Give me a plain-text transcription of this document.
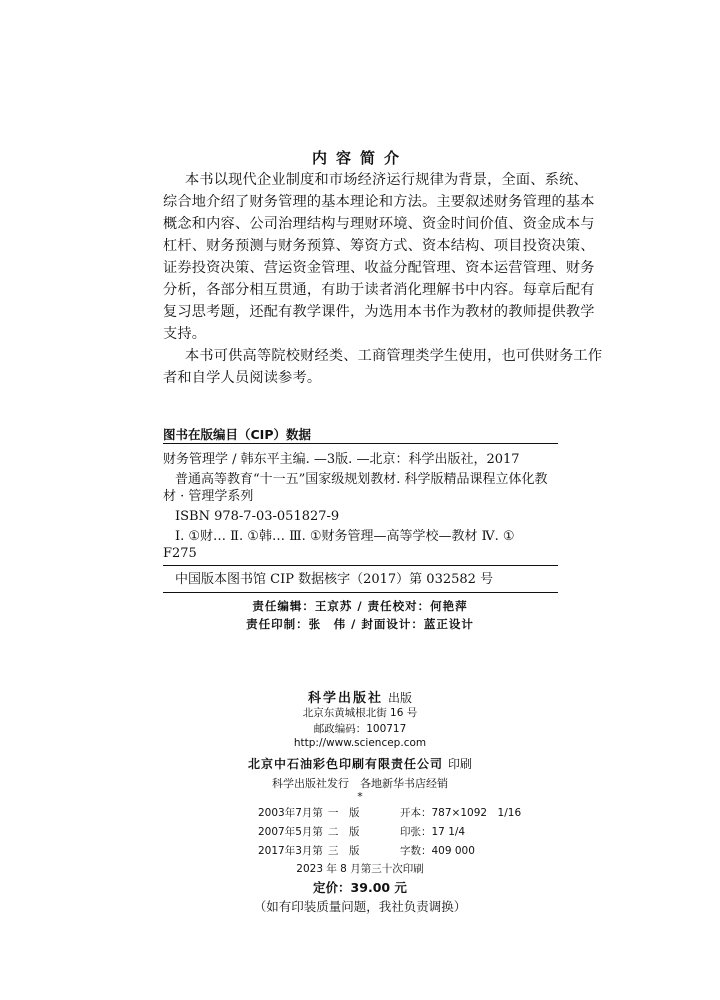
内容简介
本书以现代企业制度和市场经济运行规律为背景，全面、系统、
综合地介绍了财务管理的基本理论和方法。主要叙述财务管理的基本
概念和内容、公司治理结构与理财环境、资金时间价值、资金成本与
杠杆、财务预测与财务预算、筹资方式、资本结构、项目投资决策、
证券投资决策、营运资金管理、收益分配管理、资本运营管理、财务
分析，各部分相互贯通，有助于读者消化理解书中内容。每章后配有
复习思考题，还配有教学课件，为选用本书作为教材的教师提供教学
支持。
本书可供高等院校财经类、工商管理类学生使用，也可供财务工作
者和自学人员阅读参考。
图书在版编目（CIP）数据
财务管理学 / 韩东平主编. —3版. —北京：科学出版社，2017
普通高等教育“十一五”国家级规划教材. 科学版精品课程立体化教
材 · 管理学系列
ISBN 978-7-03-051827-9
Ⅰ. ①财… Ⅱ. ①韩… Ⅲ. ①财务管理—高等学校—教材 Ⅳ. ①
F275
中国版本图书馆 CIP 数据核字（2017）第 032582 号
责任编辑：王京苏 / 责任校对：何艳萍
责任印制：张　伟 / 封面设计：蓝正设计
科学出版社 出版
北京东黄城根北街 16 号
邮政编码：100717
http://www.sciencep.com
北京中石油彩色印刷有限责任公司 印刷
科学出版社发行　各地新华书店经销
*
2003年7月第 一　版	开本：787×1092　1/16
2007年5月第 二　版	印张：17 1/4
2017年3月第 三　版	字数：409 000
2023 年 8 月第三十次印刷
定价：39.00 元
（如有印装质量问题，我社负责调换）
